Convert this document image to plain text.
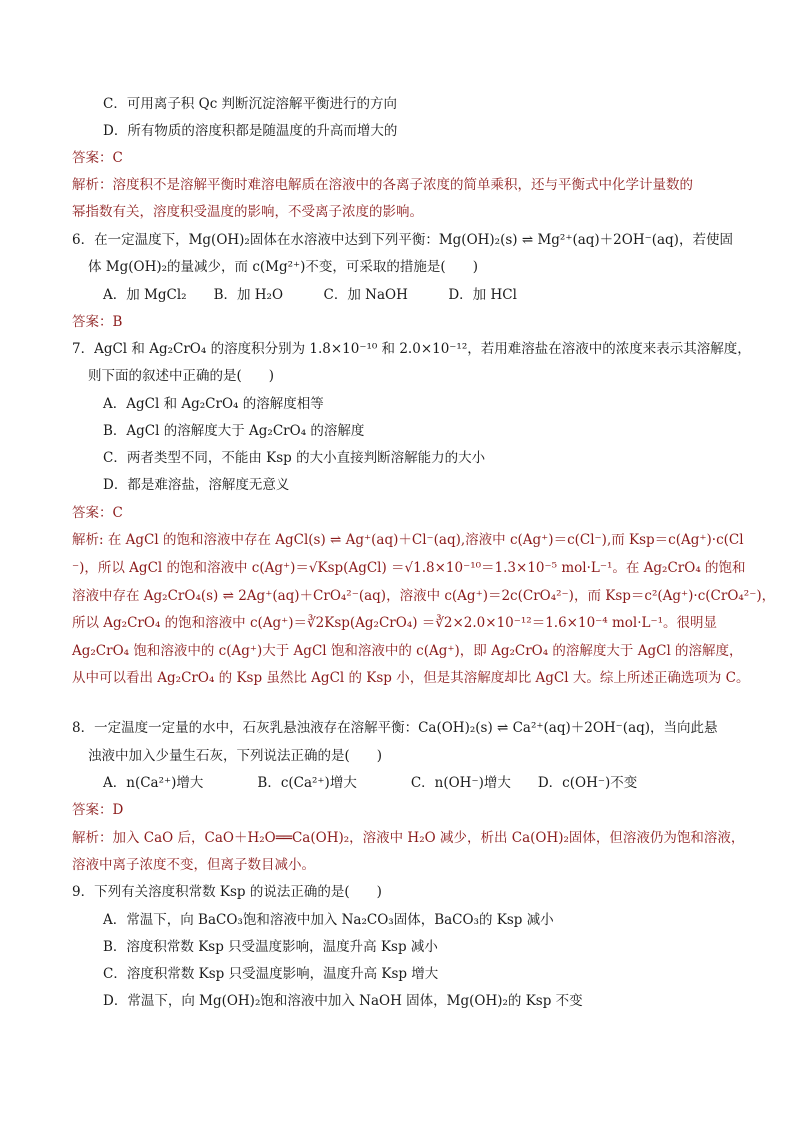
C．可用离子积 Qc 判断沉淀溶解平衡进行的方向
D．所有物质的溶度积都是随温度的升高而增大的
答案：C
解析：溶度积不是溶解平衡时难溶电解质在溶液中的各离子浓度的简单乘积，还与平衡式中化学计量数的
幂指数有关，溶度积受温度的影响，不受离子浓度的影响。
6．在一定温度下，Mg(OH)₂固体在水溶液中达到下列平衡：Mg(OH)₂(s) ⇌ Mg²⁺(aq)＋2OH⁻(aq)，若使固
体 Mg(OH)₂的量减少，而 c(Mg²⁺)不变，可采取的措施是(　　)
A．加 MgCl₂　　B．加 H₂O　　　C．加 NaOH　　　D．加 HCl
答案：B
7．AgCl 和 Ag₂CrO₄ 的溶度积分别为 1.8×10⁻¹⁰ 和 2.0×10⁻¹²，若用难溶盐在溶液中的浓度来表示其溶解度，
则下面的叙述中正确的是(　　)
A．AgCl 和 Ag₂CrO₄ 的溶解度相等
B．AgCl 的溶解度大于 Ag₂CrO₄ 的溶解度
C．两者类型不同，不能由 Ksp 的大小直接判断溶解能力的大小
D．都是难溶盐，溶解度无意义
答案：C
解析: 在 AgCl 的饱和溶液中存在 AgCl(s) ⇌ Ag⁺(aq)＋Cl⁻(aq),溶液中 c(Ag⁺)＝c(Cl⁻),而 Ksp＝c(Ag⁺)·c(Cl
⁻)，所以 AgCl 的饱和溶液中 c(Ag⁺)＝√Ksp(AgCl) ＝√1.8×10⁻¹⁰＝1.3×10⁻⁵ mol·L⁻¹。在 Ag₂CrO₄ 的饱和
溶液中存在 Ag₂CrO₄(s) ⇌ 2Ag⁺(aq)＋CrO₄²⁻(aq)，溶液中 c(Ag⁺)＝2c(CrO₄²⁻)，而 Ksp＝c²(Ag⁺)·c(CrO₄²⁻)，
所以 Ag₂CrO₄ 的饱和溶液中 c(Ag⁺)＝∛2Ksp(Ag₂CrO₄) ＝∛2×2.0×10⁻¹²＝1.6×10⁻⁴ mol·L⁻¹。很明显
Ag₂CrO₄ 饱和溶液中的 c(Ag⁺)大于 AgCl 饱和溶液中的 c(Ag⁺)，即 Ag₂CrO₄ 的溶解度大于 AgCl 的溶解度，
从中可以看出 Ag₂CrO₄ 的 Ksp 虽然比 AgCl 的 Ksp 小，但是其溶解度却比 AgCl 大。综上所述正确选项为 C。
8．一定温度一定量的水中，石灰乳悬浊液存在溶解平衡：Ca(OH)₂(s) ⇌ Ca²⁺(aq)＋2OH⁻(aq)，当向此悬
浊液中加入少量生石灰，下列说法正确的是(　　)
A．n(Ca²⁺)增大　　　　B．c(Ca²⁺)增大　　　　C．n(OH⁻)增大　　D．c(OH⁻)不变
答案：D
解析：加入 CaO 后，CaO＋H₂O══Ca(OH)₂，溶液中 H₂O 减少，析出 Ca(OH)₂固体，但溶液仍为饱和溶液，
溶液中离子浓度不变，但离子数目减小。
9．下列有关溶度积常数 Ksp 的说法正确的是(　　)
A．常温下，向 BaCO₃饱和溶液中加入 Na₂CO₃固体，BaCO₃的 Ksp 减小
B．溶度积常数 Ksp 只受温度影响，温度升高 Ksp 减小
C．溶度积常数 Ksp 只受温度影响，温度升高 Ksp 增大
D．常温下，向 Mg(OH)₂饱和溶液中加入 NaOH 固体，Mg(OH)₂的 Ksp 不变
